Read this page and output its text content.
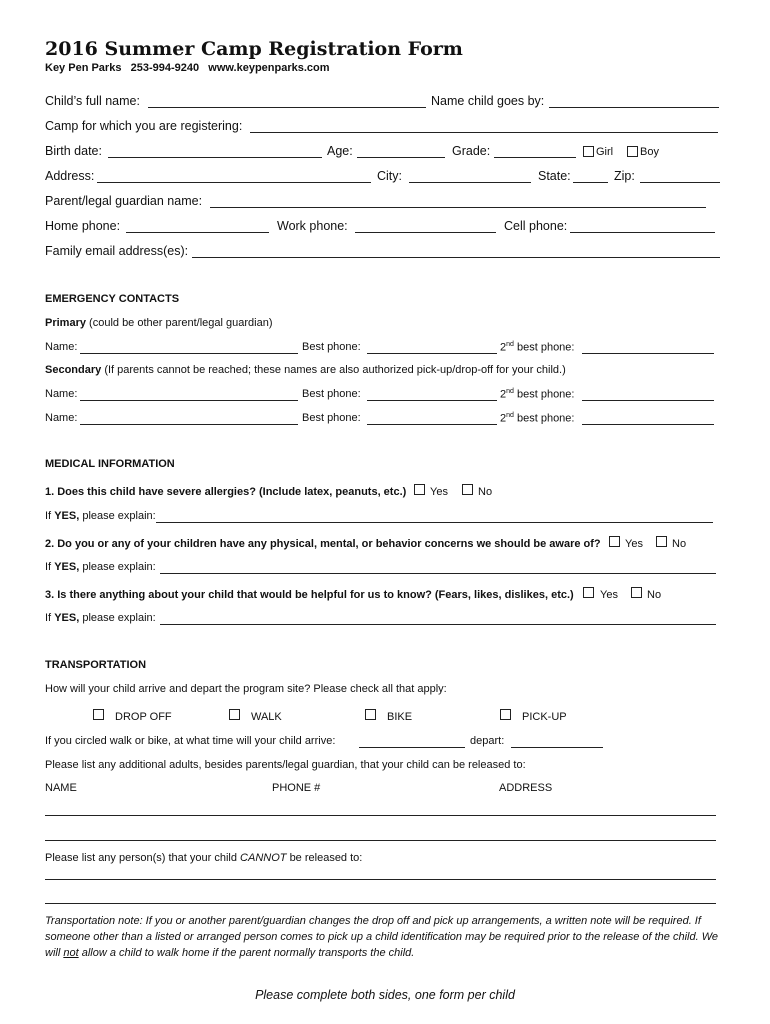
2016 Summer Camp Registration Form
Key Pen Parks   253-994-9240   www.keypenparks.com
Child’s full name:	Name child goes by:
Camp for which you are registering:
Birth date:	Age:	Grade:	Girl Boy
Address:	City:	State:	Zip:
Parent/legal guardian name:
Home phone:	Work phone:	Cell phone:
Family email address(es):
EMERGENCY CONTACTS
Primary (could be other parent/legal guardian)
Name:	Best phone:	2nd best phone:
Secondary (If parents cannot be reached; these names are also authorized pick-up/drop-off for your child.)
Name:	Best phone:	2nd best phone:
Name:	Best phone:	2nd best phone:
MEDICAL INFORMATION
1. Does this child have severe allergies? (Include latex, peanuts, etc.) Yes	No
If YES, please explain:
2. Do you or any of your children have any physical, mental, or behavior concerns we should be aware of? Yes	No
If YES, please explain:
3. Is there anything about your child that would be helpful for us to know? (Fears, likes, dislikes, etc.) Yes	No
If YES, please explain:
TRANSPORTATION
How will your child arrive and depart the program site? Please check all that apply:
DROP OFF	WALK	BIKE	PICK-UP
If you circled walk or bike, at what time will your child arrive:	depart:
Please list any additional adults, besides parents/legal guardian, that your child can be released to:
NAME	PHONE #	ADDRESS
Please list any person(s) that your child CANNOT be released to:
Transportation note: If you or another parent/guardian changes the drop off and pick up arrangements, a written note will be required. If someone other than a listed or arranged person comes to pick up a child identification may be required prior to the release of the child. We will not allow a child to walk home if the parent normally transports the child.
Please complete both sides, one form per child
